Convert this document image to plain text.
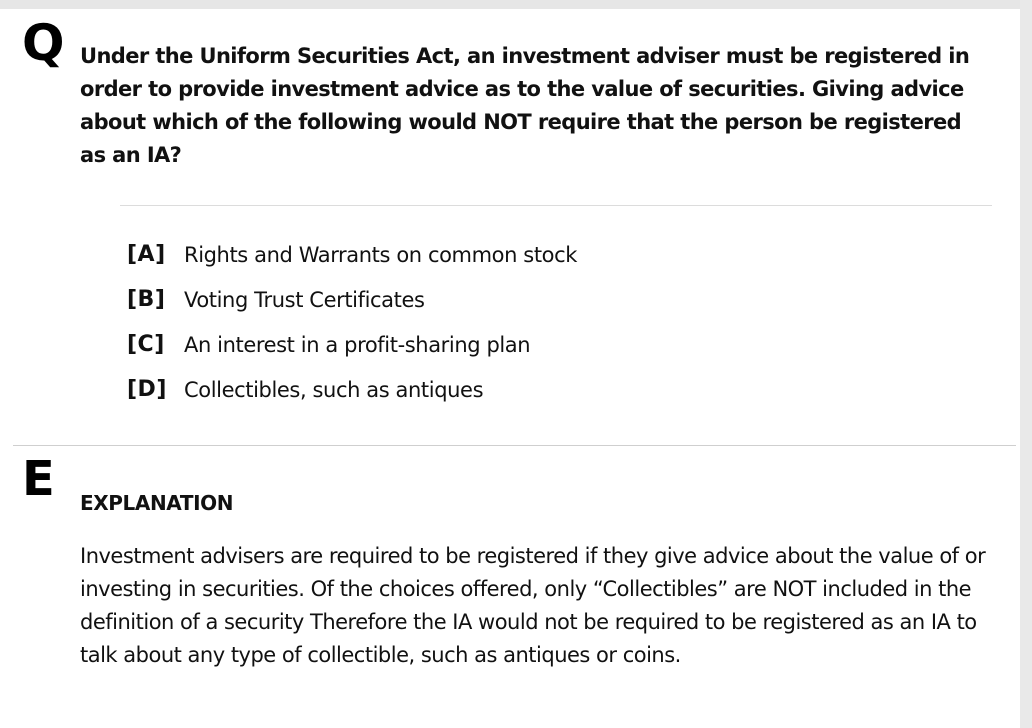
Q Under the Uniform Securities Act, an investment adviser must be registered in order to provide investment advice as to the value of securities. Giving advice about which of the following would NOT require that the person be registered as an IA?

[A] Rights and Warrants on common stock
[B] Voting Trust Certificates
[C] An interest in a profit-sharing plan
[D] Collectibles, such as antiques
E EXPLANATION

Investment advisers are required to be registered if they give advice about the value of or investing in securities. Of the choices offered, only “Collectibles” are NOT included in the definition of a security Therefore the IA would not be required to be registered as an IA to talk about any type of collectible, such as antiques or coins.
